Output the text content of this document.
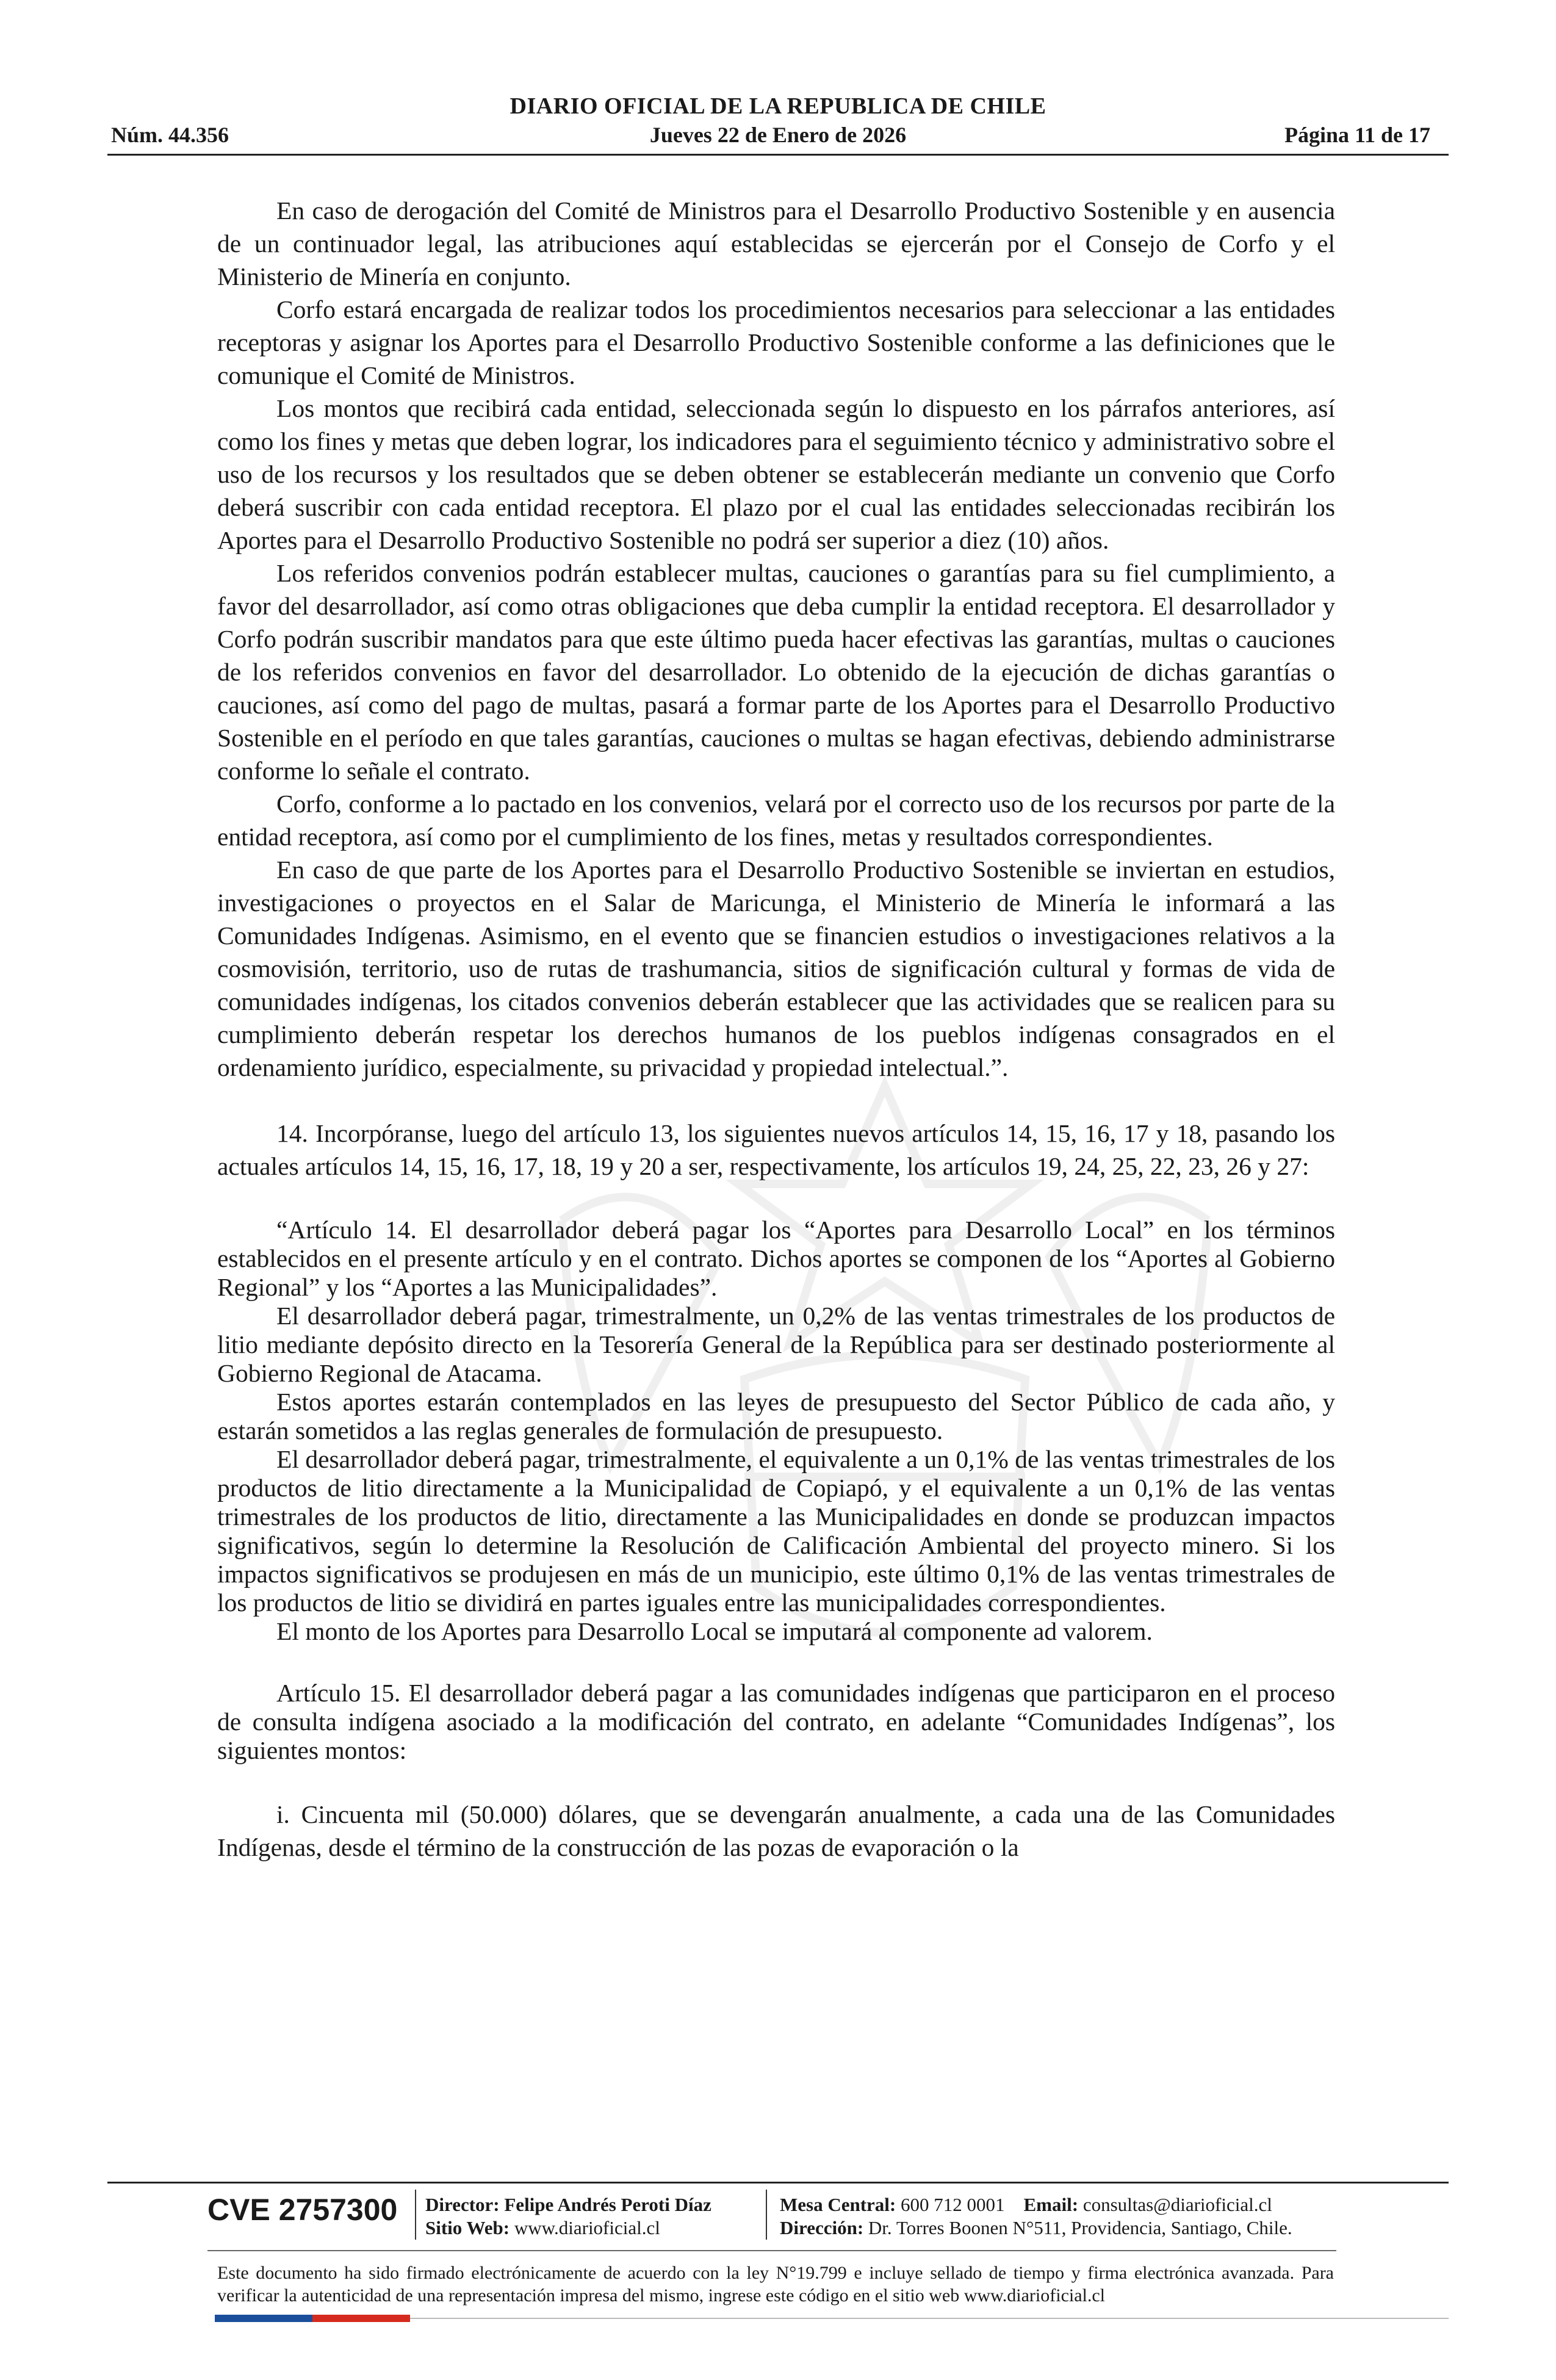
DIARIO OFICIAL DE LA REPUBLICA DE CHILE
Núm. 44.356	Jueves 22 de Enero de 2026	Página 11 de 17

En caso de derogación del Comité de Ministros para el Desarrollo Productivo Sostenible y en ausencia de un continuador legal, las atribuciones aquí establecidas se ejercerán por el Consejo de Corfo y el Ministerio de Minería en conjunto.

Corfo estará encargada de realizar todos los procedimientos necesarios para seleccionar a las entidades receptoras y asignar los Aportes para el Desarrollo Productivo Sostenible conforme a las definiciones que le comunique el Comité de Ministros.

Los montos que recibirá cada entidad, seleccionada según lo dispuesto en los párrafos anteriores, así como los fines y metas que deben lograr, los indicadores para el seguimiento técnico y administrativo sobre el uso de los recursos y los resultados que se deben obtener se establecerán mediante un convenio que Corfo deberá suscribir con cada entidad receptora. El plazo por el cual las entidades seleccionadas recibirán los Aportes para el Desarrollo Productivo Sostenible no podrá ser superior a diez (10) años.

Los referidos convenios podrán establecer multas, cauciones o garantías para su fiel cumplimiento, a favor del desarrollador, así como otras obligaciones que deba cumplir la entidad receptora. El desarrollador y Corfo podrán suscribir mandatos para que este último pueda hacer efectivas las garantías, multas o cauciones de los referidos convenios en favor del desarrollador. Lo obtenido de la ejecución de dichas garantías o cauciones, así como del pago de multas, pasará a formar parte de los Aportes para el Desarrollo Productivo Sostenible en el período en que tales garantías, cauciones o multas se hagan efectivas, debiendo administrarse conforme lo señale el contrato.

Corfo, conforme a lo pactado en los convenios, velará por el correcto uso de los recursos por parte de la entidad receptora, así como por el cumplimiento de los fines, metas y resultados correspondientes.

En caso de que parte de los Aportes para el Desarrollo Productivo Sostenible se inviertan en estudios, investigaciones o proyectos en el Salar de Maricunga, el Ministerio de Minería le informará a las Comunidades Indígenas. Asimismo, en el evento que se financien estudios o investigaciones relativos a la cosmovisión, territorio, uso de rutas de trashumancia, sitios de significación cultural y formas de vida de comunidades indígenas, los citados convenios deberán establecer que las actividades que se realicen para su cumplimiento deberán respetar los derechos humanos de los pueblos indígenas consagrados en el ordenamiento jurídico, especialmente, su privacidad y propiedad intelectual.”.

14. Incorpóranse, luego del artículo 13, los siguientes nuevos artículos 14, 15, 16, 17 y 18, pasando los actuales artículos 14, 15, 16, 17, 18, 19 y 20 a ser, respectivamente, los artículos 19, 24, 25, 22, 23, 26 y 27:

“Artículo 14. El desarrollador deberá pagar los “Aportes para Desarrollo Local” en los términos establecidos en el presente artículo y en el contrato. Dichos aportes se componen de los “Aportes al Gobierno Regional” y los “Aportes a las Municipalidades”.

El desarrollador deberá pagar, trimestralmente, un 0,2% de las ventas trimestrales de los productos de litio mediante depósito directo en la Tesorería General de la República para ser destinado posteriormente al Gobierno Regional de Atacama.

Estos aportes estarán contemplados en las leyes de presupuesto del Sector Público de cada año, y estarán sometidos a las reglas generales de formulación de presupuesto.

El desarrollador deberá pagar, trimestralmente, el equivalente a un 0,1% de las ventas trimestrales de los productos de litio directamente a la Municipalidad de Copiapó, y el equivalente a un 0,1% de las ventas trimestrales de los productos de litio, directamente a las Municipalidades en donde se produzcan impactos significativos, según lo determine la Resolución de Calificación Ambiental del proyecto minero. Si los impactos significativos se produjesen en más de un municipio, este último 0,1% de las ventas trimestrales de los productos de litio se dividirá en partes iguales entre las municipalidades correspondientes.

El monto de los Aportes para Desarrollo Local se imputará al componente ad valorem.

Artículo 15. El desarrollador deberá pagar a las comunidades indígenas que participaron en el proceso de consulta indígena asociado a la modificación del contrato, en adelante “Comunidades Indígenas”, los siguientes montos:

i. Cincuenta mil (50.000) dólares, que se devengarán anualmente, a cada una de las Comunidades Indígenas, desde el término de la construcción de las pozas de evaporación o la

CVE 2757300 Director: Felipe Andrés Peroti Díaz
Sitio Web: www.diarioficial.cl
Mesa Central: 600 712 0001 Email: consultas@diarioficial.cl
Dirección: Dr. Torres Boonen N°511, Providencia, Santiago, Chile.
Este documento ha sido firmado electrónicamente de acuerdo con la ley N°19.799 e incluye sellado de tiempo y firma electrónica avanzada. Para verificar la autenticidad de una representación impresa del mismo, ingrese este código en el sitio web www.diarioficial.cl
